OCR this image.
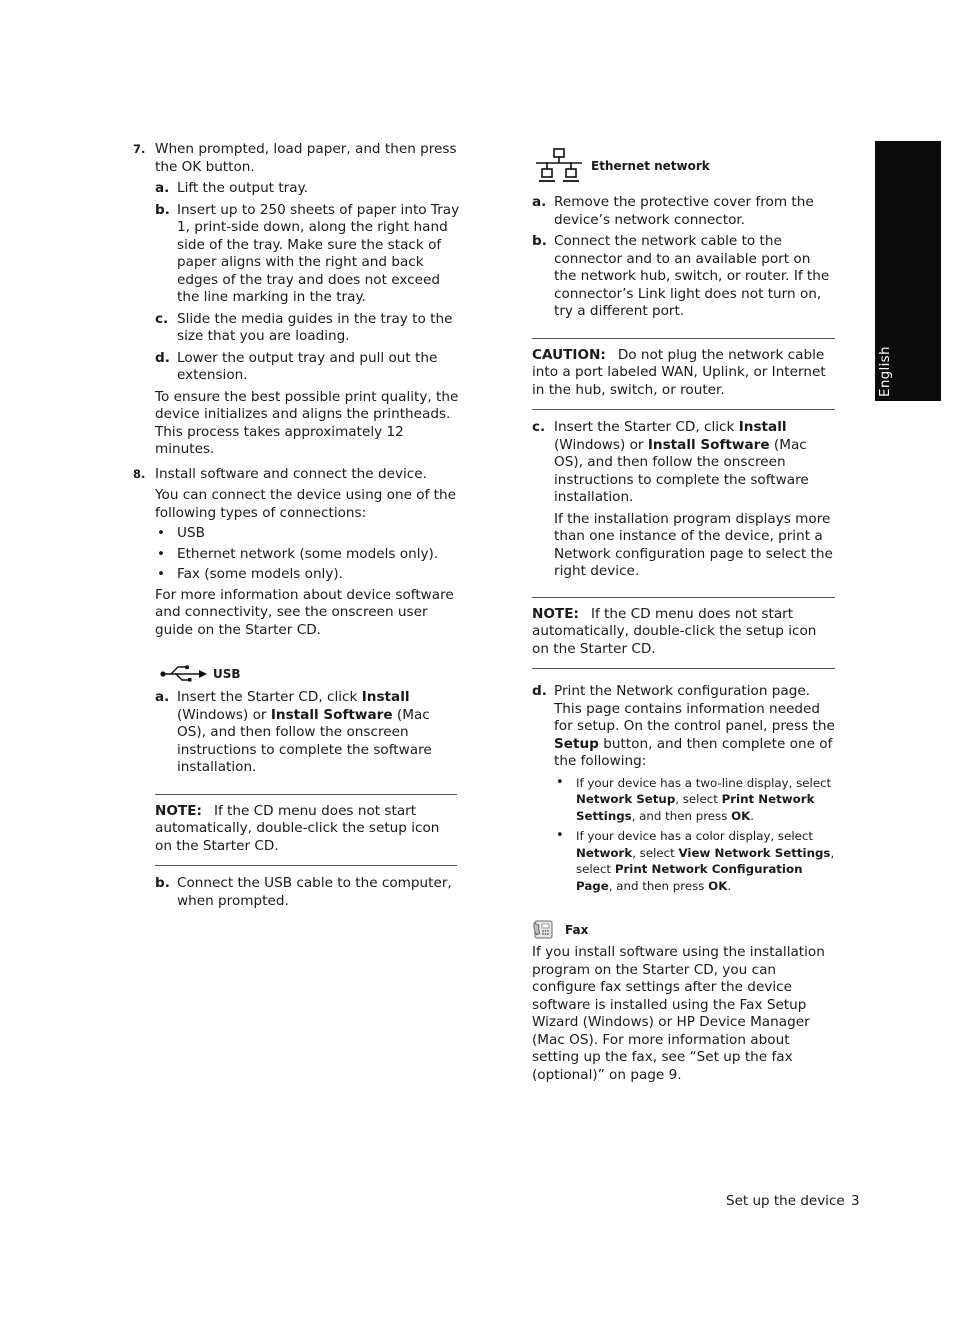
7. When prompted, load paper, and then press the OK button.
a. Lift the output tray.
b. Insert up to 250 sheets of paper into Tray 1, print-side down, along the right hand side of the tray. Make sure the stack of paper aligns with the right and back edges of the tray and does not exceed the line marking in the tray.
c. Slide the media guides in the tray to the size that you are loading.
d. Lower the output tray and pull out the extension.
To ensure the best possible print quality, the device initializes and aligns the printheads. This process takes approximately 12 minutes.
8. Install software and connect the device.
You can connect the device using one of the following types of connections:
• USB
• Ethernet network (some models only).
• Fax (some models only).
For more information about device software and connectivity, see the onscreen user guide on the Starter CD.
USB
a. Insert the Starter CD, click Install (Windows) or Install Software (Mac OS), and then follow the onscreen instructions to complete the software installation.
NOTE: If the CD menu does not start automatically, double-click the setup icon on the Starter CD.
b. Connect the USB cable to the computer, when prompted.
Ethernet network
a. Remove the protective cover from the device’s network connector.
b. Connect the network cable to the connector and to an available port on the network hub, switch, or router. If the connector’s Link light does not turn on, try a different port.
CAUTION: Do not plug the network cable into a port labeled WAN, Uplink, or Internet in the hub, switch, or router.
c. Insert the Starter CD, click Install (Windows) or Install Software (Mac OS), and then follow the onscreen instructions to complete the software installation.
If the installation program displays more than one instance of the device, print a Network configuration page to select the right device.
NOTE: If the CD menu does not start automatically, double-click the setup icon on the Starter CD.
d. Print the Network configuration page.
This page contains information needed for setup. On the control panel, press the Setup button, and then complete one of the following:
• If your device has a two-line display, select Network Setup, select Print Network Settings, and then press OK.
• If your device has a color display, select Network, select View Network Settings, select Print Network Configuration Page, and then press OK.
Fax
If you install software using the installation program on the Starter CD, you can configure fax settings after the device software is installed using the Fax Setup Wizard (Windows) or HP Device Manager (Mac OS). For more information about setting up the fax, see “Set up the fax (optional)” on page 9.
English
Set up the device 3
